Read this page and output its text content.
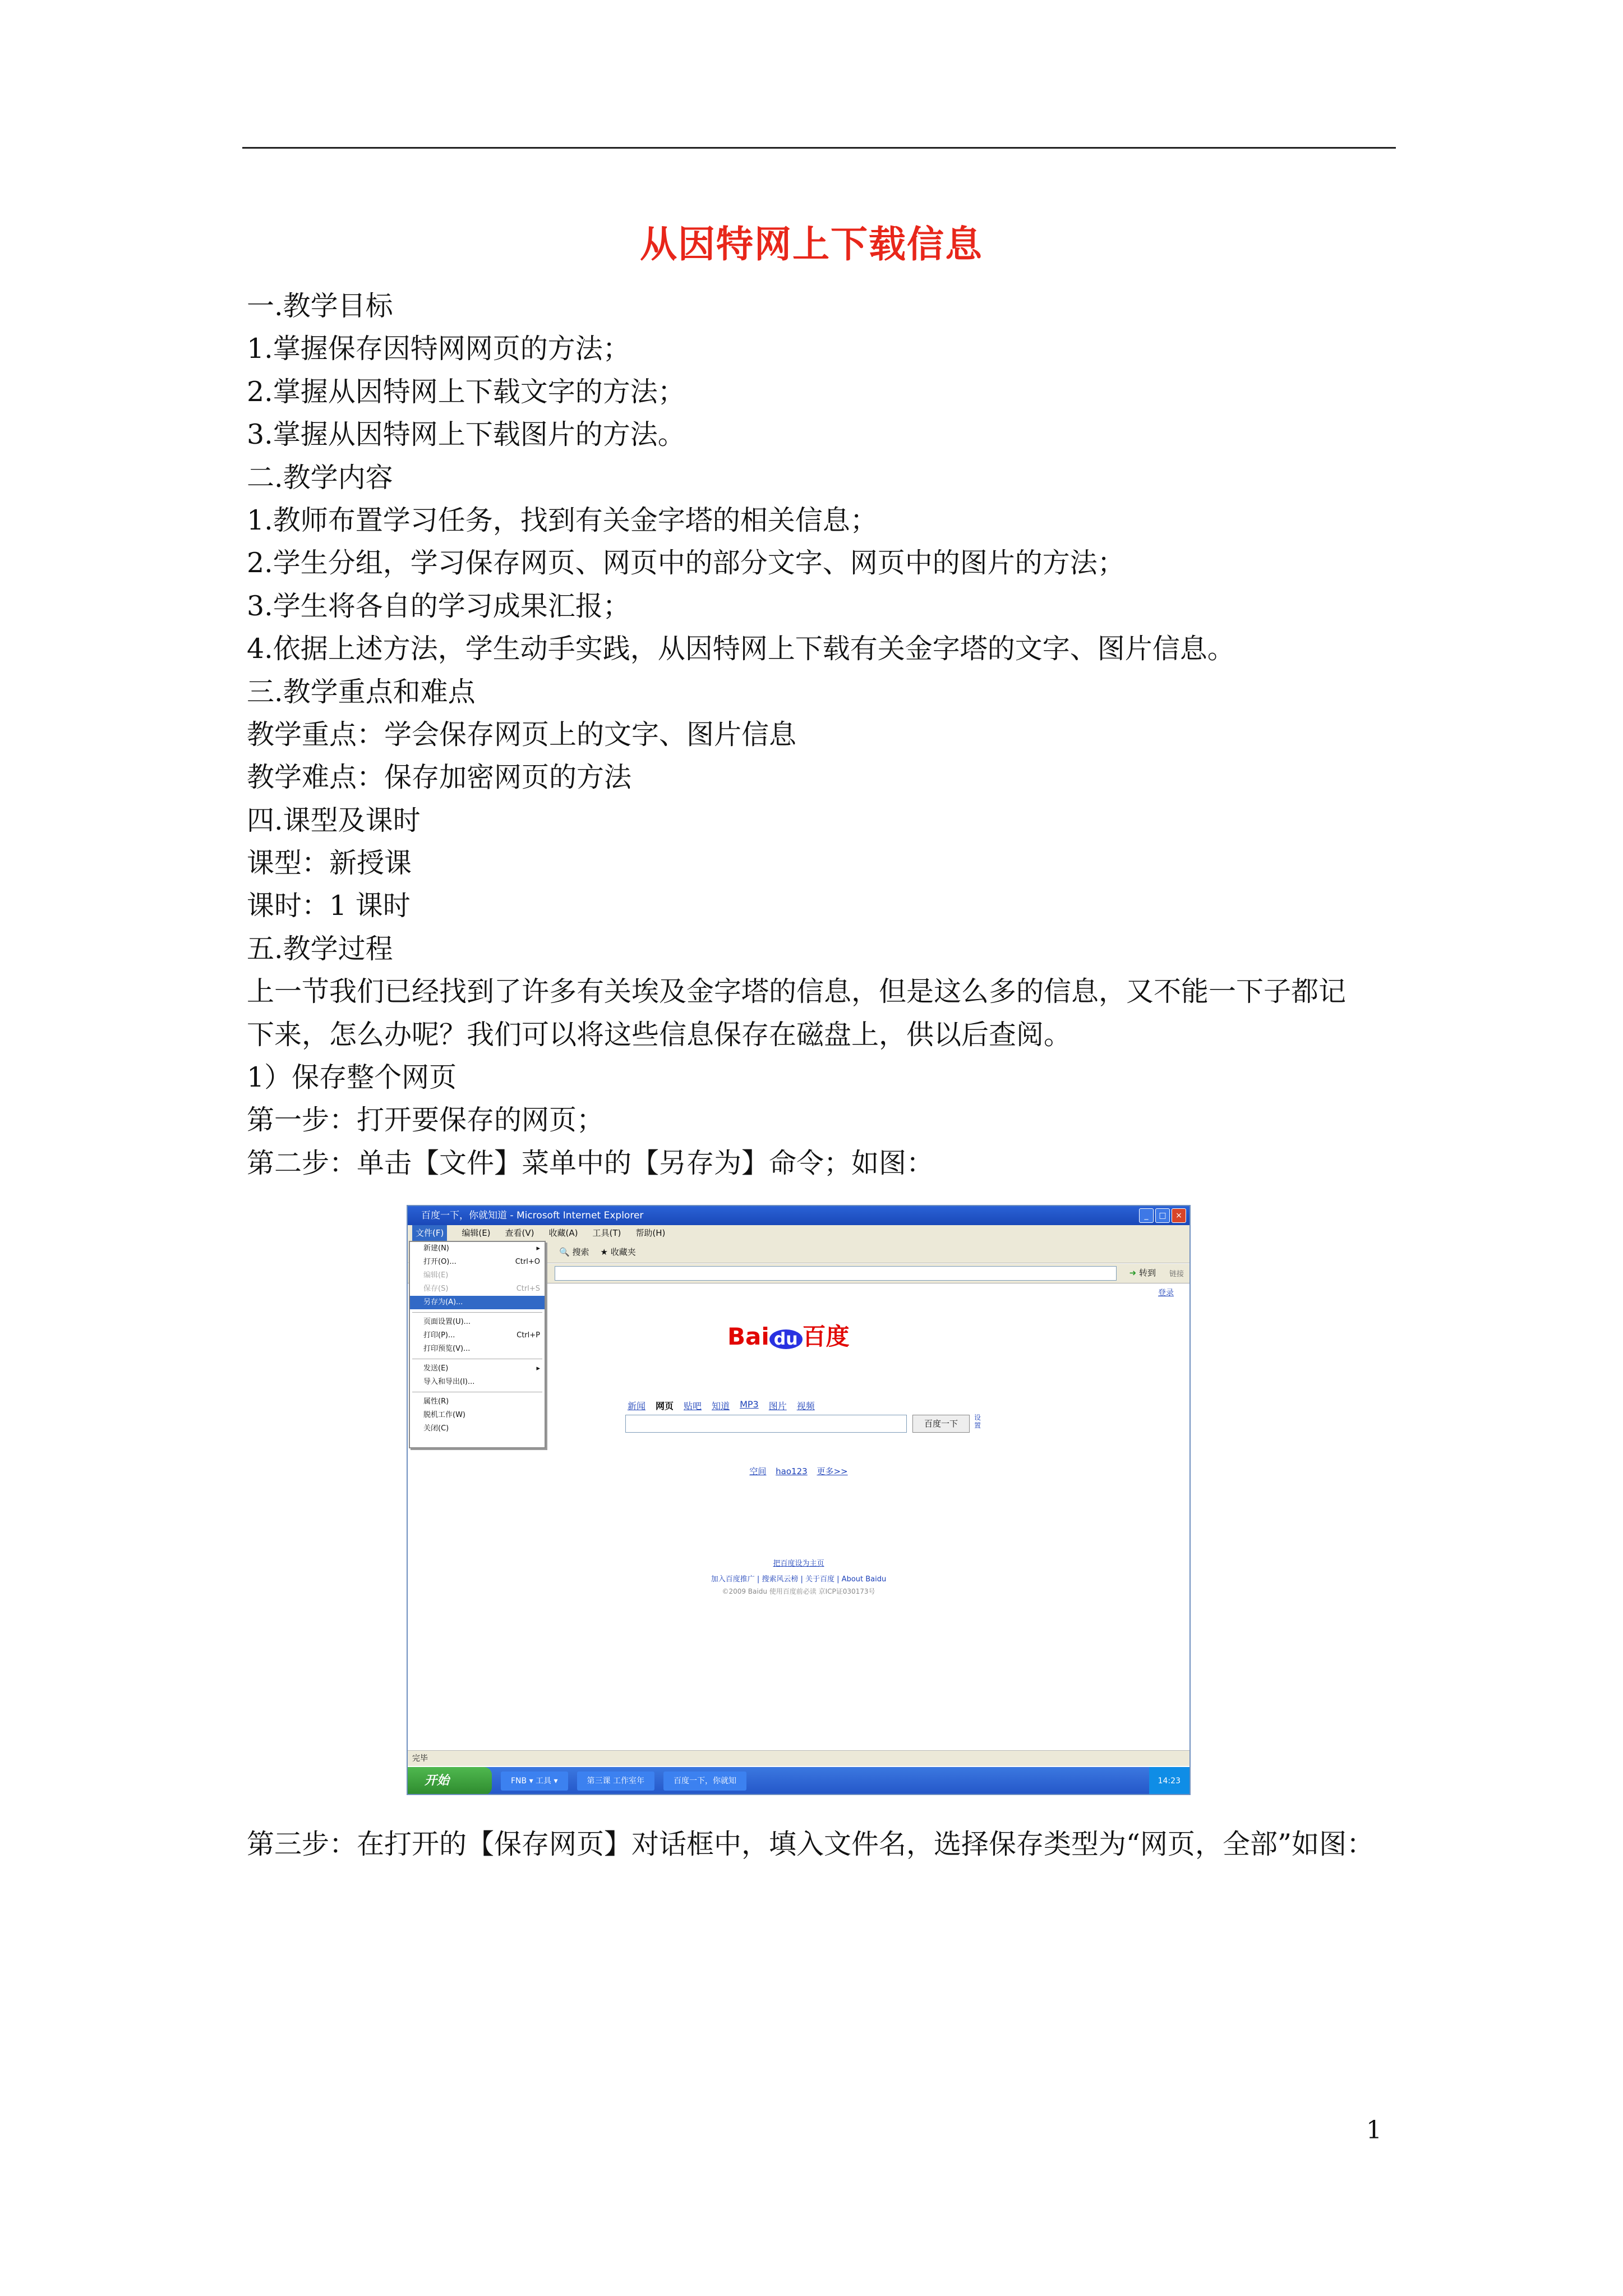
从因特网上下载信息
一.教学目标
1.掌握保存因特网网页的方法；
2.掌握从因特网上下载文字的方法；
3.掌握从因特网上下载图片的方法。
二.教学内容
1.教师布置学习任务，找到有关金字塔的相关信息；
2.学生分组，学习保存网页、网页中的部分文字、网页中的图片的方法；
3.学生将各自的学习成果汇报；
4.依据上述方法，学生动手实践，从因特网上下载有关金字塔的文字、图片信息。
三.教学重点和难点
教学重点：学会保存网页上的文字、图片信息
教学难点：保存加密网页的方法
四.课型及课时
课型：新授课
课时：1 课时
五.教学过程
上一节我们已经找到了许多有关埃及金字塔的信息，但是这么多的信息，又不能一下子都记
下来，怎么办呢？我们可以将这些信息保存在磁盘上，供以后查阅。
1）保存整个网页
第一步：打开要保存的网页；
第二步：单击【文件】菜单中的【另存为】命令；如图：
百度一下，你就知道 - Microsoft Internet Explorer	_	□	×
文件(F)	编辑(E) 查看(V) 收藏(A) 工具(T) 帮助(H)
🔍 搜索 ★ 收藏夹
➜ 转到 链接
登录
Bai du 百度
新闻 网页 贴吧 知道 MP3 图片 视频
百度一下
设置
空间 hao123 更多>>
把百度设为主页
加入百度推广 | 搜索风云榜 | 关于百度 | About Baidu
©2009 Baidu 使用百度前必读 京ICP证030173号
新建(N)	▸
打开(O)...	Ctrl+O
编辑(E)
保存(S)	Ctrl+S
另存为(A)...
页面设置(U)...
打印(P)...	Ctrl+P
打印预览(V)...
发送(E)	▸
导入和导出(I)...
属性(R)
脱机工作(W)
关闭(C)
完毕
开始	FNB ▾ 工具 ▾	第三课 工作室年	百度一下，你就知	14:23
第三步：在打开的【保存网页】对话框中，填入文件名，选择保存类型为“网页，全部”如图：
1
